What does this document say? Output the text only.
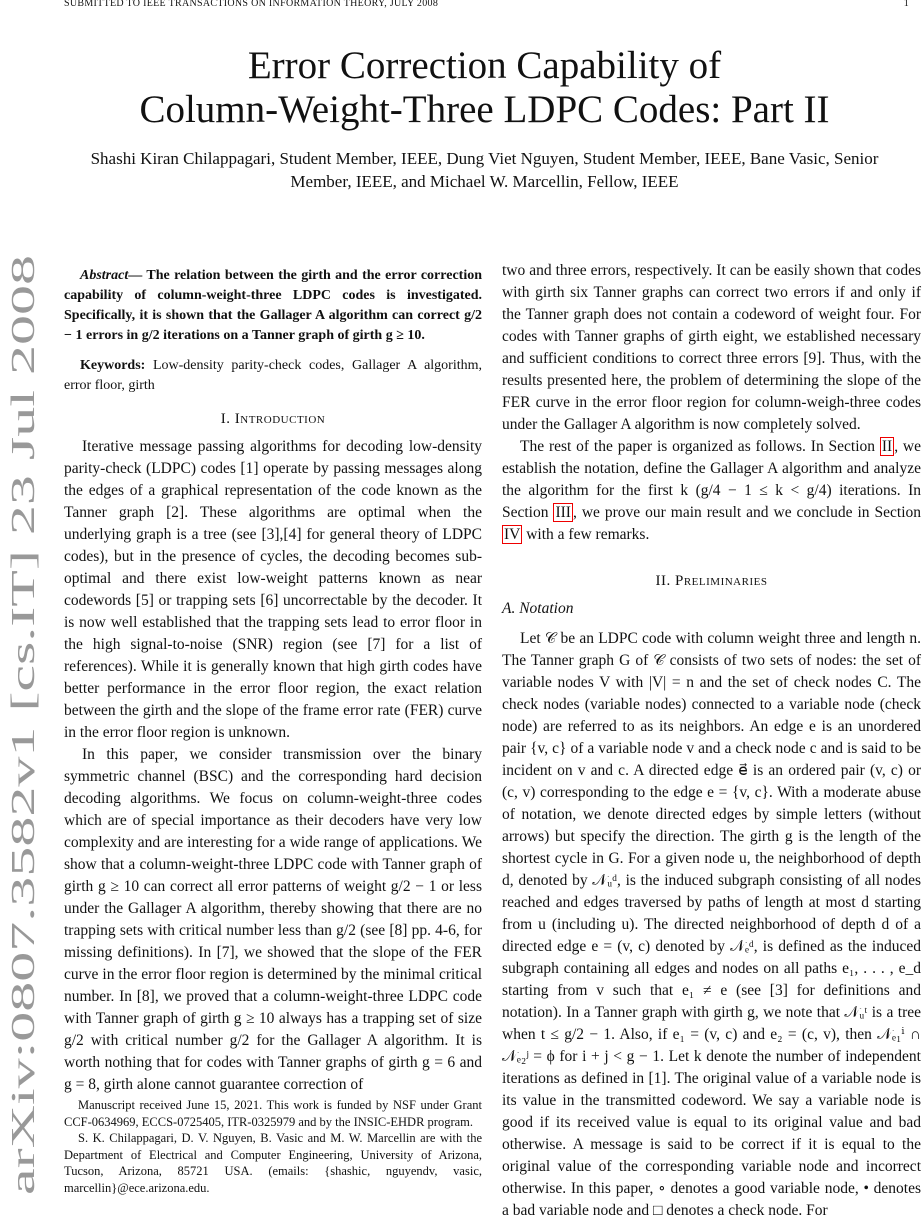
SUBMITTED TO IEEE TRANSACTIONS ON INFORMATION THEORY, JULY 2008	1
arXiv:0807.3582v1 [cs.IT] 23 Jul 2008
Error Correction Capability of
Column-Weight-Three LDPC Codes: Part II
Shashi Kiran Chilappagari, Student Member, IEEE, Dung Viet Nguyen, Student Member, IEEE, Bane Vasic, Senior
Member, IEEE, and Michael W. Marcellin, Fellow, IEEE

Abstract— The relation between the girth and the error correction capability of column-weight-three LDPC codes is investigated. Specifically, it is shown that the Gallager A algorithm can correct g/2 − 1 errors in g/2 iterations on a Tanner graph of girth g ≥ 10.

Keywords: Low-density parity-check codes, Gallager A algorithm, error floor, girth

I. Introduction

Iterative message passing algorithms for decoding low-density parity-check (LDPC) codes [1] operate by passing messages along the edges of a graphical representation of the code known as the Tanner graph [2]. These algorithms are optimal when the underlying graph is a tree (see [3],[4] for general theory of LDPC codes), but in the presence of cycles, the decoding becomes sub-optimal and there exist low-weight patterns known as near codewords [5] or trapping sets [6] uncorrectable by the decoder. It is now well established that the trapping sets lead to error floor in the high signal-to-noise (SNR) region (see [7] for a list of references). While it is generally known that high girth codes have better performance in the error floor region, the exact relation between the girth and the slope of the frame error rate (FER) curve in the error floor region is unknown.

In this paper, we consider transmission over the binary symmetric channel (BSC) and the corresponding hard decision decoding algorithms. We focus on column-weight-three codes which are of special importance as their decoders have very low complexity and are interesting for a wide range of applications. We show that a column-weight-three LDPC code with Tanner graph of girth g ≥ 10 can correct all error patterns of weight g/2 − 1 or less under the Gallager A algorithm, thereby showing that there are no trapping sets with critical number less than g/2 (see [8] pp. 4-6, for missing definitions). In [7], we showed that the slope of the FER curve in the error floor region is determined by the minimal critical number. In [8], we proved that a column-weight-three LDPC code with Tanner graph of girth g ≥ 10 always has a trapping set of size g/2 with critical number g/2 for the Gallager A algorithm. It is worth nothing that for codes with Tanner graphs of girth g = 6 and g = 8, girth alone cannot guarantee correction of

Manuscript received June 15, 2021. This work is funded by NSF under Grant CCF-0634969, ECCS-0725405, ITR-0325979 and by the INSIC-EHDR program.

S. K. Chilappagari, D. V. Nguyen, B. Vasic and M. W. Marcellin are with the Department of Electrical and Computer Engineering, University of Arizona, Tucson, Arizona, 85721 USA. (emails: {shashic, nguyendv, vasic, marcellin}@ece.arizona.edu.

two and three errors, respectively. It can be easily shown that codes with girth six Tanner graphs can correct two errors if and only if the Tanner graph does not contain a codeword of weight four. For codes with Tanner graphs of girth eight, we established necessary and sufficient conditions to correct three errors [9]. Thus, with the results presented here, the problem of determining the slope of the FER curve in the error floor region for column-weigh-three codes under the Gallager A algorithm is now completely solved.

The rest of the paper is organized as follows. In Section II , we establish the notation, define the Gallager A algorithm and analyze the algorithm for the first k (g/4 − 1 ≤ k < g/4) iterations. In Section III , we prove our main result and we conclude in Section IV with a few remarks.

II. Preliminaries

A. Notation

Let 𝒞 be an LDPC code with column weight three and length n. The Tanner graph G of 𝒞 consists of two sets of nodes: the set of variable nodes V with |V| = n and the set of check nodes C. The check nodes (variable nodes) connected to a variable node (check node) are referred to as its neighbors. An edge e is an unordered pair {v, c} of a variable node v and a check node c and is said to be incident on v and c. A directed edge e⃗ is an ordered pair (v, c) or (c, v) corresponding to the edge e = {v, c}. With a moderate abuse of notation, we denote directed edges by simple letters (without arrows) but specify the direction. The girth g is the length of the shortest cycle in G. For a given node u, the neighborhood of depth d, denoted by 𝒩ᵤᵈ, is the induced subgraph consisting of all nodes reached and edges traversed by paths of length at most d starting from u (including u). The directed neighborhood of depth d of a directed edge e = (v, c) denoted by 𝒩ₑᵈ, is defined as the induced subgraph containing all edges and nodes on all paths e₁, . . . , e_d starting from v such that e₁ ≠ e (see [3] for definitions and notation). In a Tanner graph with girth g, we note that 𝒩ᵤᵗ is a tree when t ≤ g/2 − 1. Also, if e₁ = (v, c) and e₂ = (c, v), then 𝒩ₑ₁ⁱ ∩ 𝒩ₑ₂ʲ = ϕ for i + j < g − 1. Let k denote the number of independent iterations as defined in [1]. The original value of a variable node is its value in the transmitted codeword. We say a variable node is good if its received value is equal to its original value and bad otherwise. A message is said to be correct if it is equal to the original value of the corresponding variable node and incorrect otherwise. In this paper, ∘ denotes a good variable node, • denotes a bad variable node and □ denotes a check node. For
